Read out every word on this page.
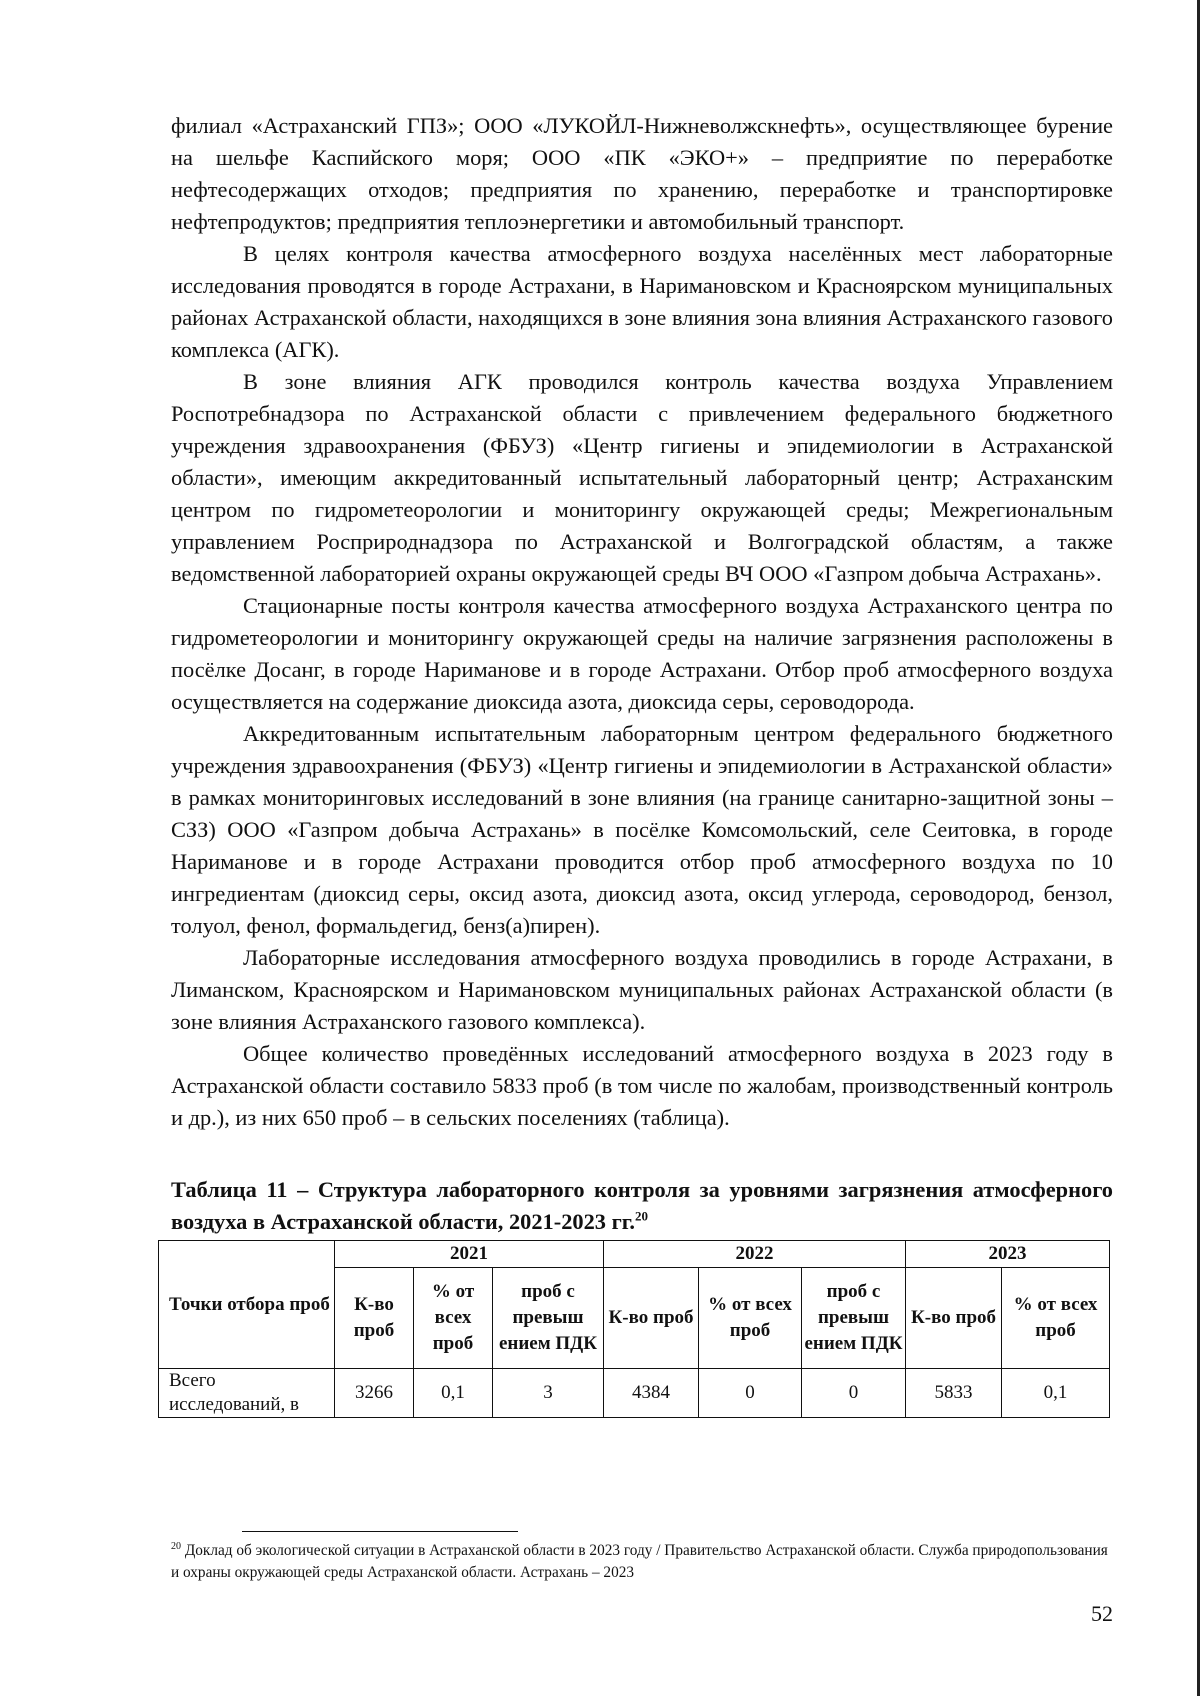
филиал «Астраханский ГПЗ»; ООО «ЛУКОЙЛ-Нижневолжскнефть», осуществляющее бурение на шельфе Каспийского моря; ООО «ПК «ЭКО+» – предприятие по переработке нефтесодержащих отходов; предприятия по хранению, переработке и транспортировке нефтепродуктов; предприятия теплоэнергетики и автомобильный транспорт.

В целях контроля качества атмосферного воздуха населённых мест лабораторные исследования проводятся в городе Астрахани, в Наримановском и Красноярском муниципальных районах Астраханской области, находящихся в зоне влияния зона влияния Астраханского газового комплекса (АГК).

В зоне влияния АГК проводился контроль качества воздуха Управлением Роспотребнадзора по Астраханской области с привлечением федерального бюджетного учреждения здравоохранения (ФБУЗ) «Центр гигиены и эпидемиологии в Астраханской области», имеющим аккредитованный испытательный лабораторный центр; Астраханским центром по гидрометеорологии и мониторингу окружающей среды; Межрегиональным управлением Росприроднадзора по Астраханской и Волгоградской областям, а также ведомственной лабораторией охраны окружающей среды ВЧ ООО «Газпром добыча Астрахань».

Стационарные посты контроля качества атмосферного воздуха Астраханского центра по гидрометеорологии и мониторингу окружающей среды на наличие загрязнения расположены в посёлке Досанг, в городе Нариманове и в городе Астрахани. Отбор проб атмосферного воздуха осуществляется на содержание диоксида азота, диоксида серы, сероводорода.

Аккредитованным испытательным лабораторным центром федерального бюджетного учреждения здравоохранения (ФБУЗ) «Центр гигиены и эпидемиологии в Астраханской области» в рамках мониторинговых исследований в зоне влияния (на границе санитарно-защитной зоны – СЗЗ) ООО «Газпром добыча Астрахань» в посёлке Комсомольский, селе Сеитовка, в городе Нариманове и в городе Астрахани проводится отбор проб атмосферного воздуха по 10 ингредиентам (диоксид серы, оксид азота, диоксид азота, оксид углерода, сероводород, бензол, толуол, фенол, формальдегид, бенз(а)пирен).

Лабораторные исследования атмосферного воздуха проводились в городе Астрахани, в Лиманском, Красноярском и Наримановском муниципальных районах Астраханской области (в зоне влияния Астраханского газового комплекса).

Общее количество проведённых исследований атмосферного воздуха в 2023 году в Астраханской области составило 5833 проб (в том числе по жалобам, производственный контроль и др.), из них 650 проб – в сельских поселениях (таблица).

Таблица 11 – Структура лабораторного контроля за уровнями загрязнения атмосферного воздуха в Астраханской области, 2021-2023 гг.$^{20}$

Точки отбора проб	2021			2022			2023	
	К-во проб	% от всех проб	проб с превыш ением ПДК	К-во проб	% от всех проб	проб с превыш ением ПДК	К-во проб	% от всех проб
Всего исследований, в	3266	0,1	3	4384	0	0	5833	0,1

$^{20}$ Доклад об экологической ситуации в Астраханской области в 2023 году / Правительство Астраханской области. Служба природопользования и охраны окружающей среды Астраханской области. Астрахань – 2023

52
